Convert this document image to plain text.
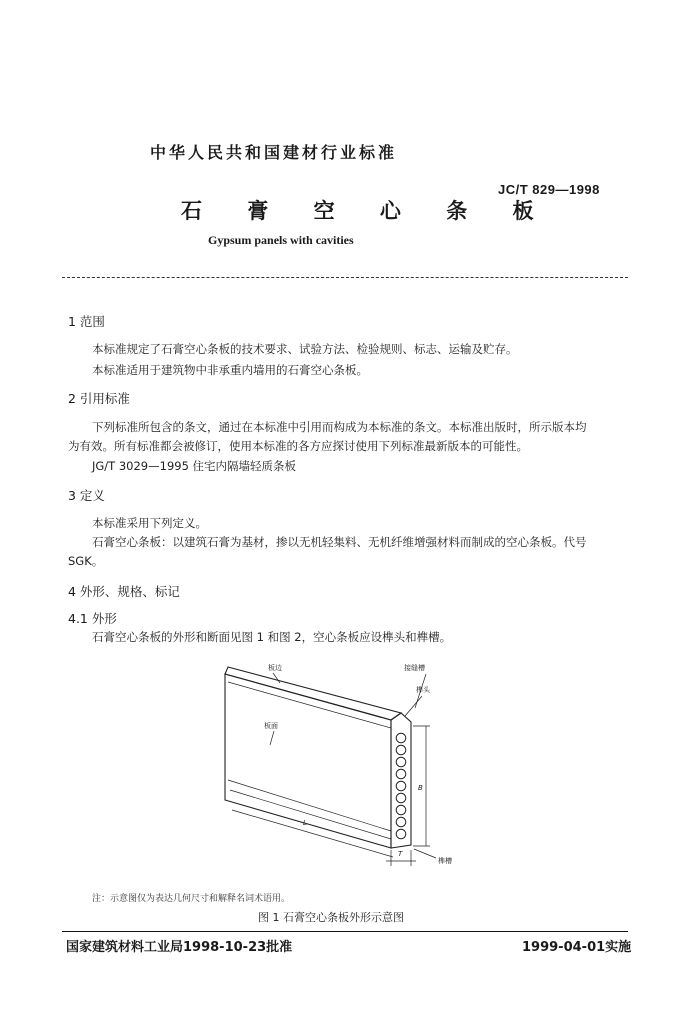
中华人民共和国建材行业标准
JC/T 829—1998
石 膏 空 心 条 板
Gypsum panels with cavities
1 范围
本标准规定了石膏空心条板的技术要求、试验方法、检验规则、标志、运输及贮存。
本标准适用于建筑物中非承重内墙用的石膏空心条板。
2 引用标准
下列标准所包含的条文，通过在本标准中引用而构成为本标准的条文。本标准出版时，所示版本均
为有效。所有标准都会被修订，使用本标准的各方应探讨使用下列标准最新版本的可能性。
JG/T 3029—1995 住宅内隔墙轻质条板
3 定义
本标准采用下列定义。
石膏空心条板：以建筑石膏为基材，掺以无机轻集料、无机纤维增强材料而制成的空心条板。代号
SGK。
4 外形、规格、标记
4.1 外形
石膏空心条板的外形和断面见图 1 和图 2，空心条板应设榫头和榫槽。
板边	接缝槽
榫头
板面
榫槽
L
B
T
注：示意图仅为表达几何尺寸和解释名词术语用。
图 1 石膏空心条板外形示意图
国家建筑材料工业局1998-10-23批准	1999-04-01实施
